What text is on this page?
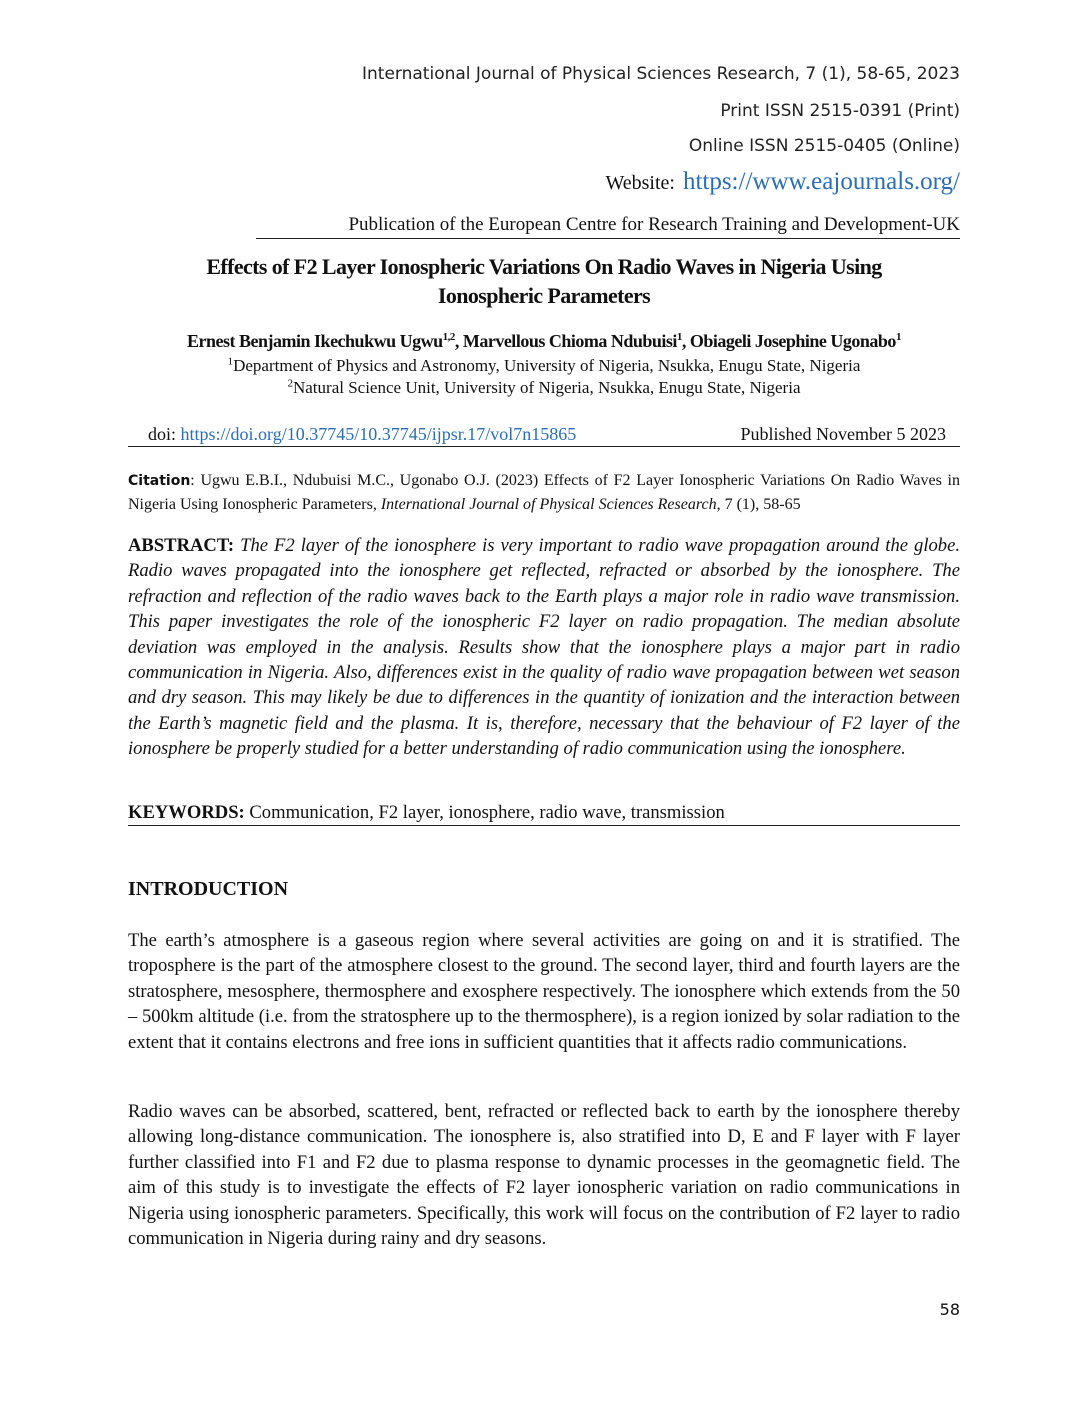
International Journal of Physical Sciences Research, 7 (1), 58-65, 2023
Print ISSN 2515-0391 (Print)
Online ISSN 2515-0405 (Online)
Website: https://www.eajournals.org/
Publication of the European Centre for Research Training and Development-UK
Effects of F2 Layer Ionospheric Variations On Radio Waves in Nigeria Using
Ionospheric Parameters
Ernest Benjamin Ikechukwu Ugwu$^{1,2}$, Marvellous Chioma Ndubuisi$^1$, Obiageli Josephine Ugonabo$^1$
$^1$Department of Physics and Astronomy, University of Nigeria, Nsukka, Enugu State, Nigeria
$^2$Natural Science Unit, University of Nigeria, Nsukka, Enugu State, Nigeria
doi: https://doi.org/10.37745/10.37745/ijpsr.17/vol7n15865	Published November 5 2023
Citation: Ugwu E.B.I., Ndubuisi M.C., Ugonabo O.J. (2023) Effects of F2 Layer Ionospheric Variations On Radio Waves in Nigeria Using Ionospheric Parameters, International Journal of Physical Sciences Research, 7 (1), 58-65
ABSTRACT: The F2 layer of the ionosphere is very important to radio wave propagation around the globe. Radio waves propagated into the ionosphere get reflected, refracted or absorbed by the ionosphere. The refraction and reflection of the radio waves back to the Earth plays a major role in radio wave transmission. This paper investigates the role of the ionospheric F2 layer on radio propagation. The median absolute deviation was employed in the analysis. Results show that the ionosphere plays a major part in radio communication in Nigeria. Also, differences exist in the quality of radio wave propagation between wet season and dry season. This may likely be due to differences in the quantity of ionization and the interaction between the Earth’s magnetic field and the plasma. It is, therefore, necessary that the behaviour of F2 layer of the ionosphere be properly studied for a better understanding of radio communication using the ionosphere.
KEYWORDS: Communication, F2 layer, ionosphere, radio wave, transmission
INTRODUCTION
The earth’s atmosphere is a gaseous region where several activities are going on and it is stratified. The troposphere is the part of the atmosphere closest to the ground. The second layer, third and fourth layers are the stratosphere, mesosphere, thermosphere and exosphere respectively. The ionosphere which extends from the 50 – 500km altitude (i.e. from the stratosphere up to the thermosphere), is a region ionized by solar radiation to the extent that it contains electrons and free ions in sufficient quantities that it affects radio communications.
Radio waves can be absorbed, scattered, bent, refracted or reflected back to earth by the ionosphere thereby allowing long-distance communication. The ionosphere is, also stratified into D, E and F layer with F layer further classified into F1 and F2 due to plasma response to dynamic processes in the geomagnetic field. The aim of this study is to investigate the effects of F2 layer ionospheric variation on radio communications in Nigeria using ionospheric parameters. Specifically, this work will focus on the contribution of F2 layer to radio communication in Nigeria during rainy and dry seasons.
58
